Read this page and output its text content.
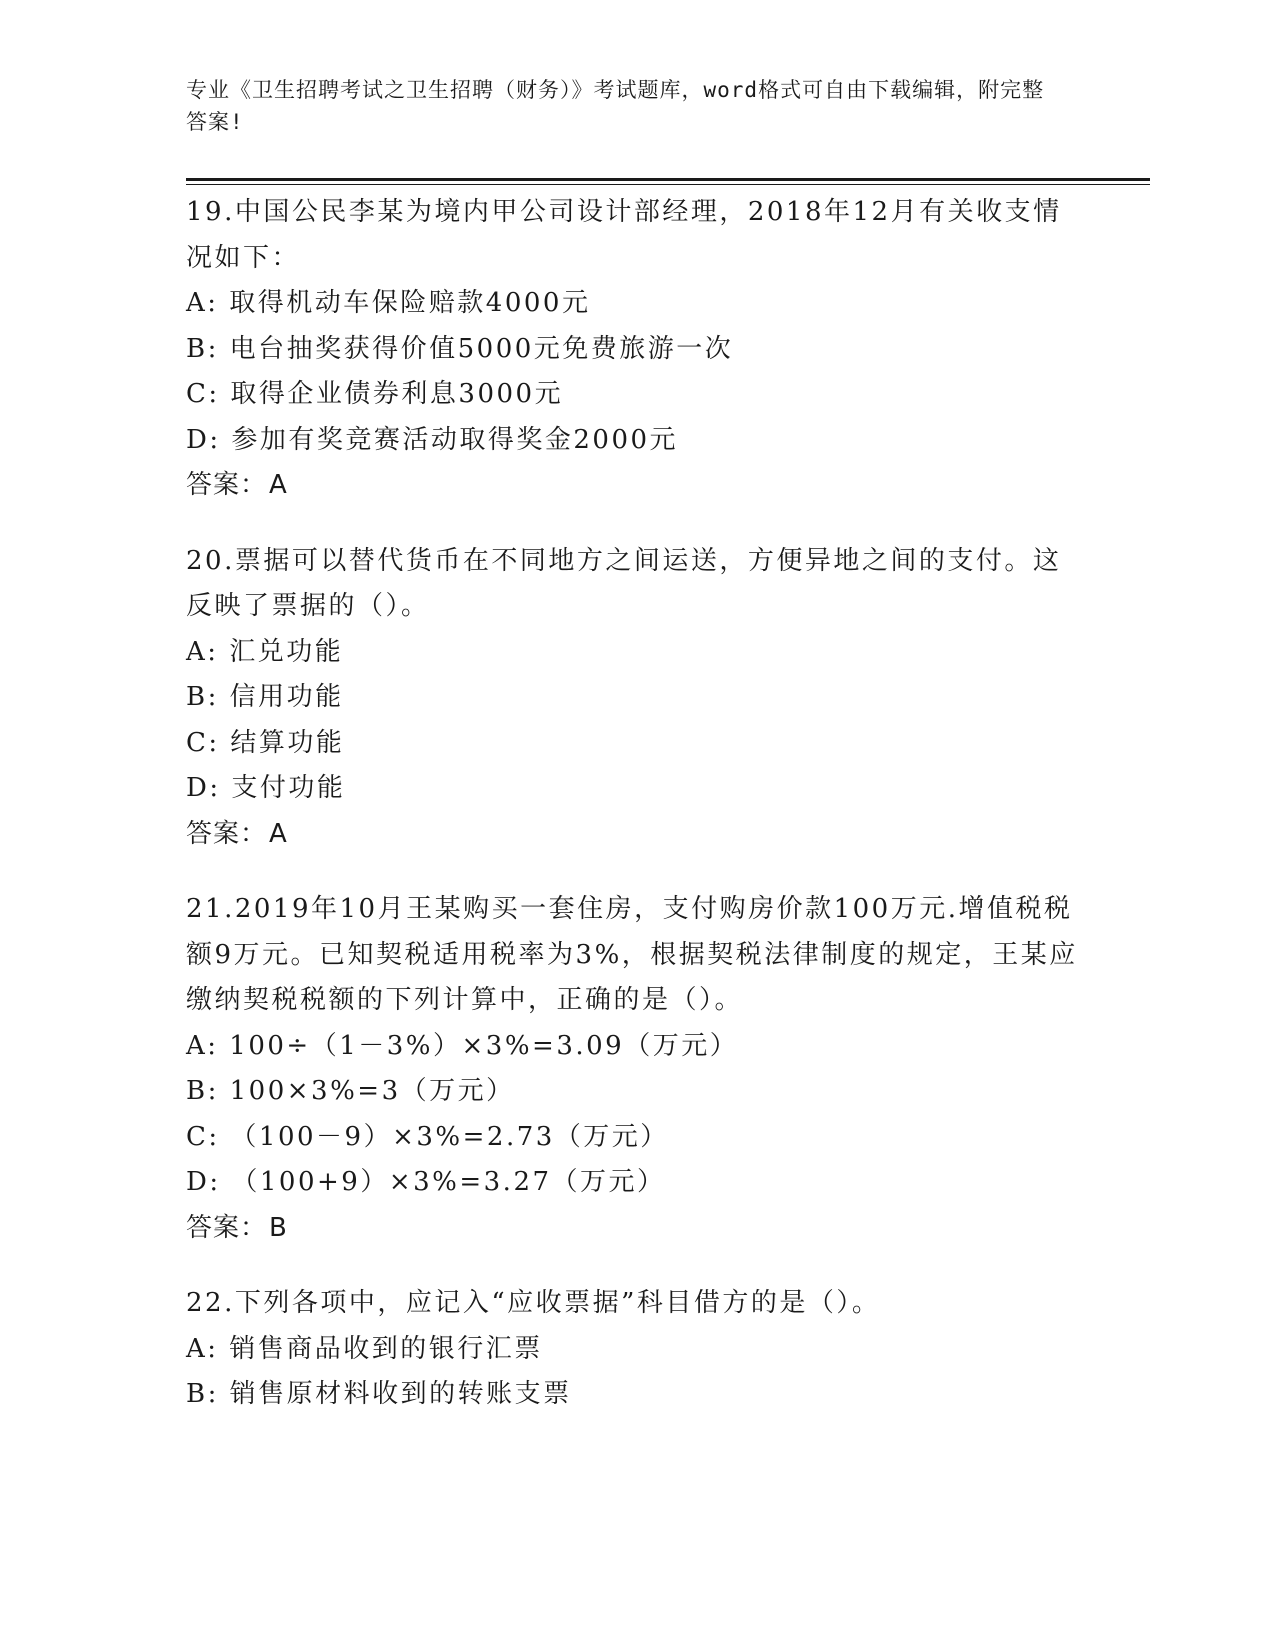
专业《卫生招聘考试之卫生招聘（财务）》考试题库，word格式可自由下载编辑，附完整答案!
19.中国公民李某为境内甲公司设计部经理，2018年12月有关收支情况如下：
A: 取得机动车保险赔款4000元
B: 电台抽奖获得价值5000元免费旅游一次
C: 取得企业债券利息3000元
D: 参加有奖竞赛活动取得奖金2000元
答案：A
20.票据可以替代货币在不同地方之间运送，方便异地之间的支付。这反映了票据的（）。
A: 汇兑功能
B: 信用功能
C: 结算功能
D: 支付功能
答案：A
21.2019年10月王某购买一套住房，支付购房价款100万元.增值税税额9万元。已知契税适用税率为3%，根据契税法律制度的规定，王某应缴纳契税税额的下列计算中，正确的是（）。
A: 100÷（1－3%）×3%=3.09（万元）
B: 100×3%=3（万元）
C: （100－9）×3%=2.73（万元）
D: （100+9）×3%=3.27（万元）
答案：B
22.下列各项中，应记入“应收票据”科目借方的是（）。
A: 销售商品收到的银行汇票
B: 销售原材料收到的转账支票
